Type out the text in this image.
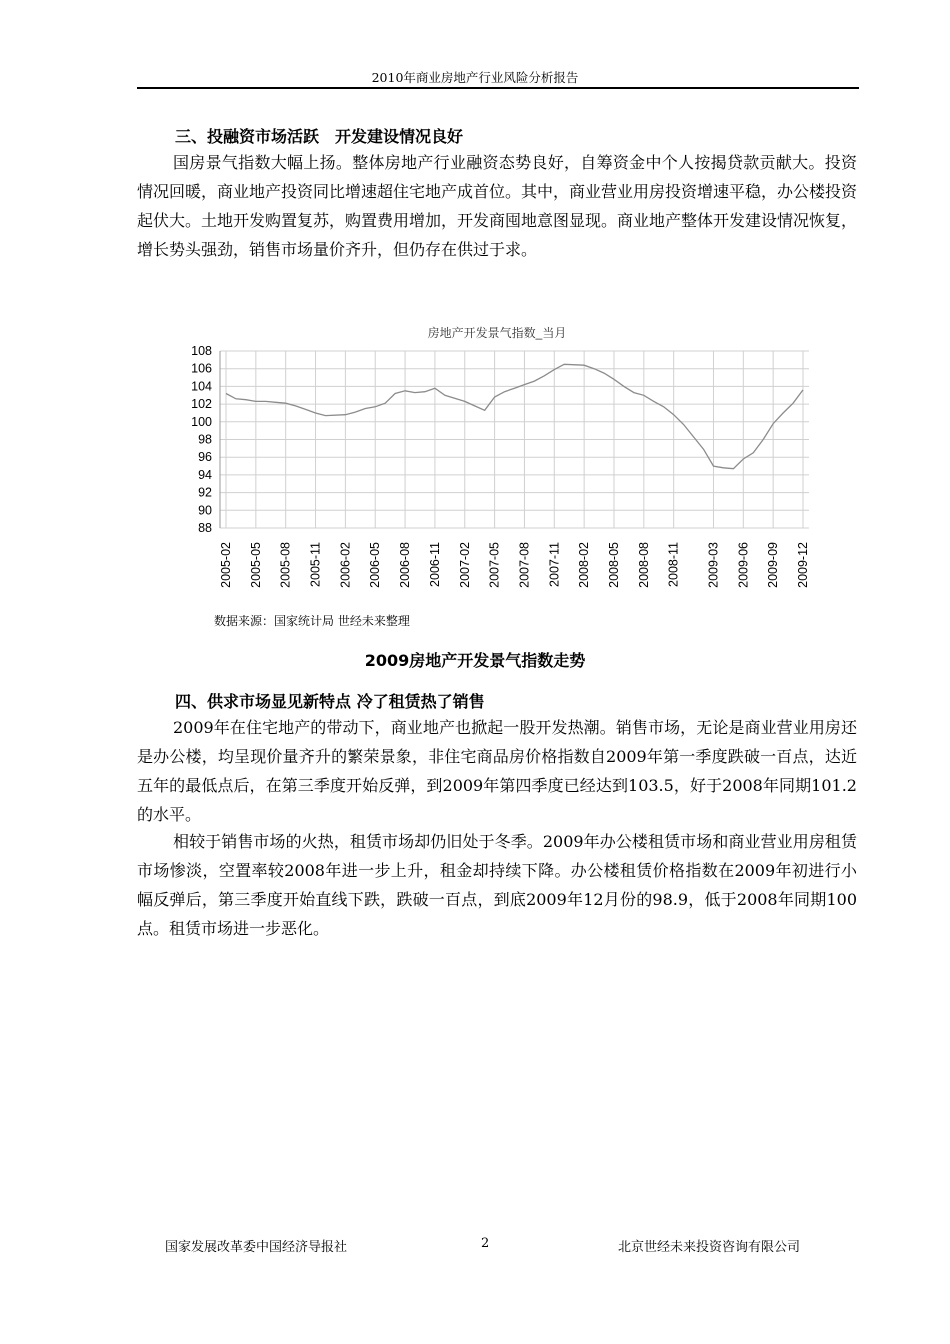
2010年商业房地产行业风险分析报告
三、投融资市场活跃　开发建设情况良好

国房景气指数大幅上扬。整体房地产行业融资态势良好，自筹资金中个人按揭贷款贡献大。投资情况回暖，商业地产投资同比增速超住宅地产成首位。其中，商业营业用房投资增速平稳，办公楼投资起伏大。土地开发购置复苏，购置费用增加，开发商囤地意图显现。商业地产整体开发建设情况恢复，增长势头强劲，销售市场量价齐升，但仍存在供过于求。

房地产开发景气指数_当月
108
106
104
102
100
98
96
94
92
90
88
2005-02 2005-05 2005-08 2005-11 2006-02 2006-05 2006-08 2006-11 2007-02 2007-05 2007-08 2007-11 2008-02 2008-05 2008-08 2008-11 2009-03 2009-06 2009-09 2009-12
数据来源：国家统计局 世经未来整理
2009房地产开发景气指数走势
四、供求市场显见新特点 冷了租赁热了销售

2009年在住宅地产的带动下，商业地产也掀起一股开发热潮。销售市场，无论是商业营业用房还是办公楼，均呈现价量齐升的繁荣景象，非住宅商品房价格指数自2009年第一季度跌破一百点，达近五年的最低点后，在第三季度开始反弹，到2009年第四季度已经达到103.5，好于2008年同期101.2的水平。

相较于销售市场的火热，租赁市场却仍旧处于冬季。2009年办公楼租赁市场和商业营业用房租赁市场惨淡，空置率较2008年进一步上升，租金却持续下降。办公楼租赁价格指数在2009年初进行小幅反弹后，第三季度开始直线下跌，跌破一百点，到底2009年12月份的98.9，低于2008年同期100点。租赁市场进一步恶化。

国家发展改革委中国经济导报社	2	北京世经未来投资咨询有限公司
